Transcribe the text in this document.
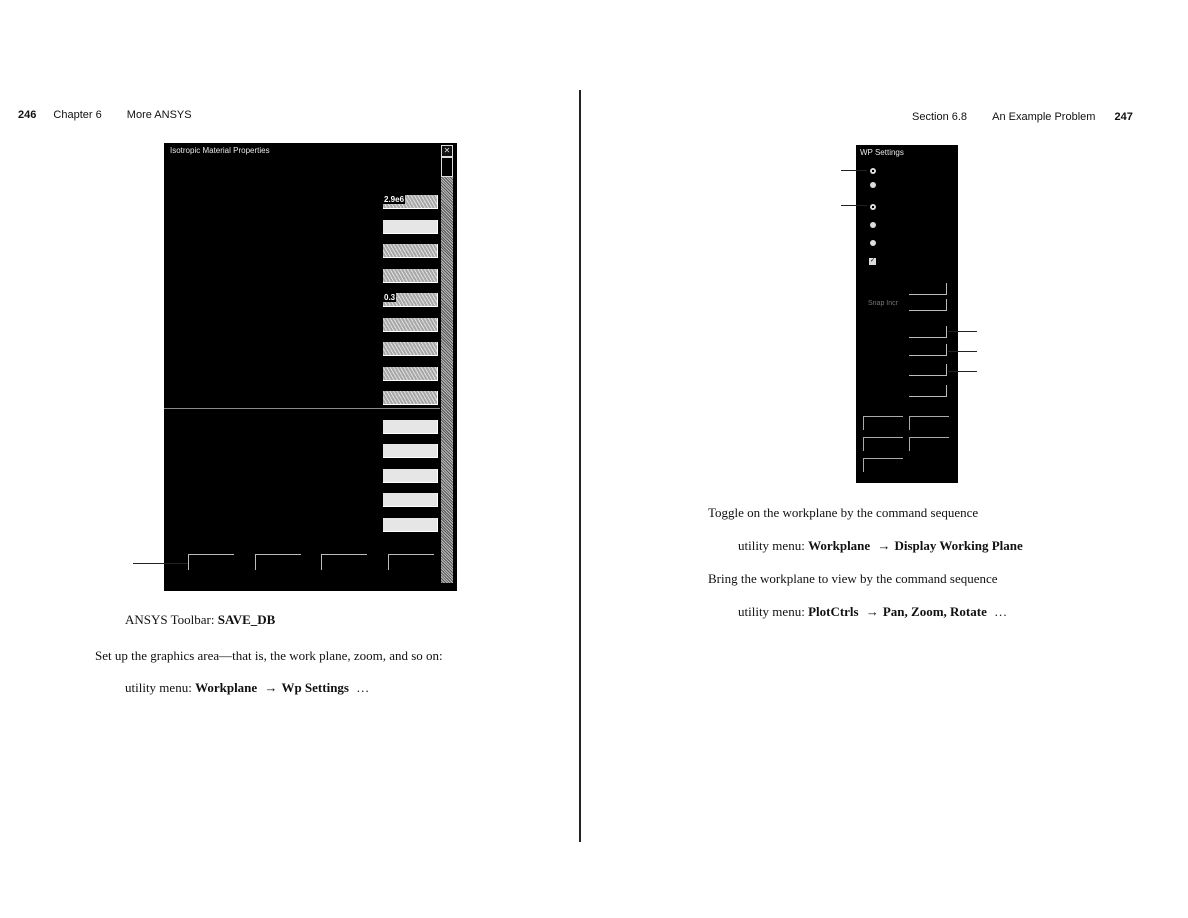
246 Chapter 6 More ANSYS	Section 6.8 An Example Problem 247
Isotropic Material Properties	✕
2.9e6
0.3
WP Settings
✓
Snap Incr
ANSYS Toolbar: SAVE_DB
Set up the graphics area—that is, the work plane, zoom, and so on:
utility menu: Workplane → Wp Settings …
Toggle on the workplane by the command sequence
utility menu: Workplane → Display Working Plane
Bring the workplane to view by the command sequence
utility menu: PlotCtrls → Pan, Zoom, Rotate …
